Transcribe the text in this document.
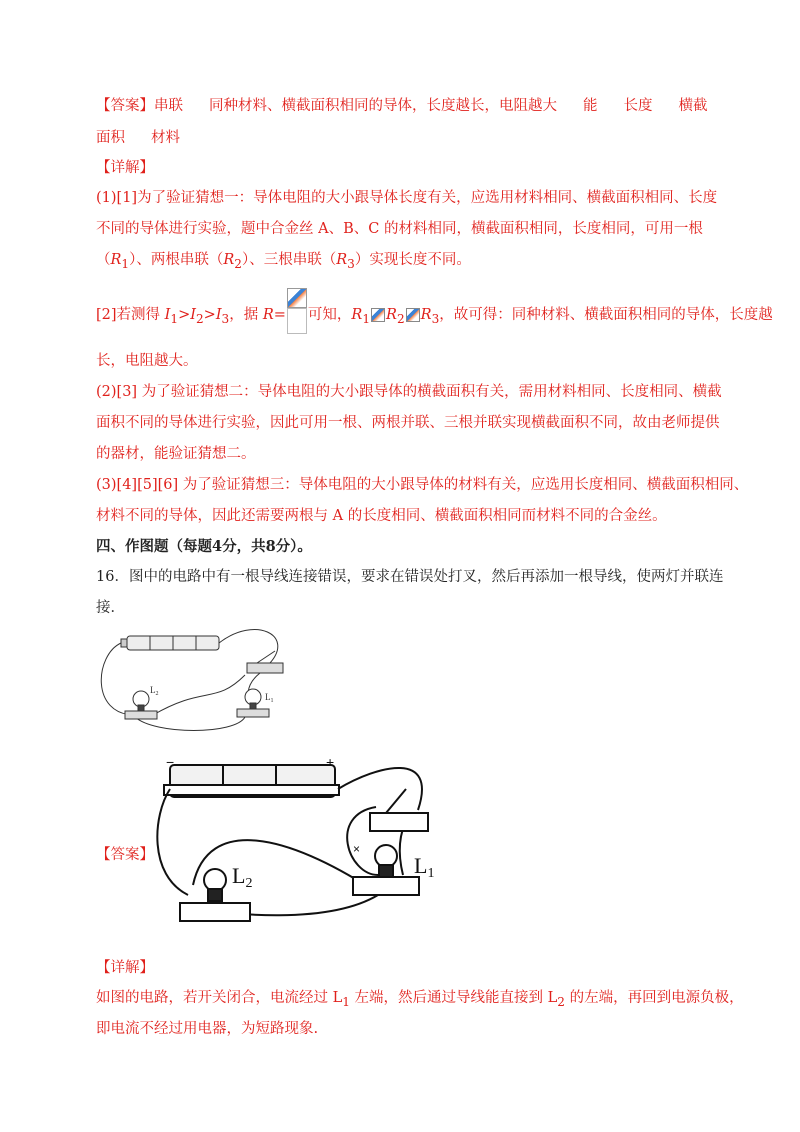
【答案】串联 同种材料、横截面积相同的导体，长度越长，电阻越大 能 长度 横截
面积 材料
【详解】
(1)[1]为了验证猜想一：导体电阻的大小跟导体长度有关，应选用材料相同、横截面积相同、长度
不同的导体进行实验，题中合金丝 A、B、C 的材料相同，横截面积相同，长度相同，可用一根
$(R_1)$、两根串联$(R_2)$、三根串联$(R_3)$实现长度不同。
[2]若测得 $I_1>I_2>I_3$，据 R= 可知，$R_1$ $R_2$ $R_3$，故可得：同种材料、横截面积相同的导体，长度越
长，电阻越大。
(2)[3] 为了验证猜想二：导体电阻的大小跟导体的横截面积有关，需用材料相同、长度相同、横截
面积不同的导体进行实验，因此可用一根、两根并联、三根并联实现横截面积不同，故由老师提供
的器材，能验证猜想二。
(3)[4][5][6] 为了验证猜想三：导体电阻的大小跟导体的材料有关，应选用长度相同、横截面积相同、
材料不同的导体，因此还需要两根与 A 的长度相同、横截面积相同而材料不同的合金丝。
四、作图题（每题4分，共8分）。
16．图中的电路中有一根导线连接错误，要求在错误处打叉，然后再添加一根导线，使两灯并联连
接．
$L_2$	$L_1$
【答案】
−	+
L2
L1
×
【详解】
如图的电路，若开关闭合，电流经过 $L_1$ 左端，然后通过导线能直接到 $L_2$ 的左端，再回到电源负极，
即电流不经过用电器，为短路现象.
